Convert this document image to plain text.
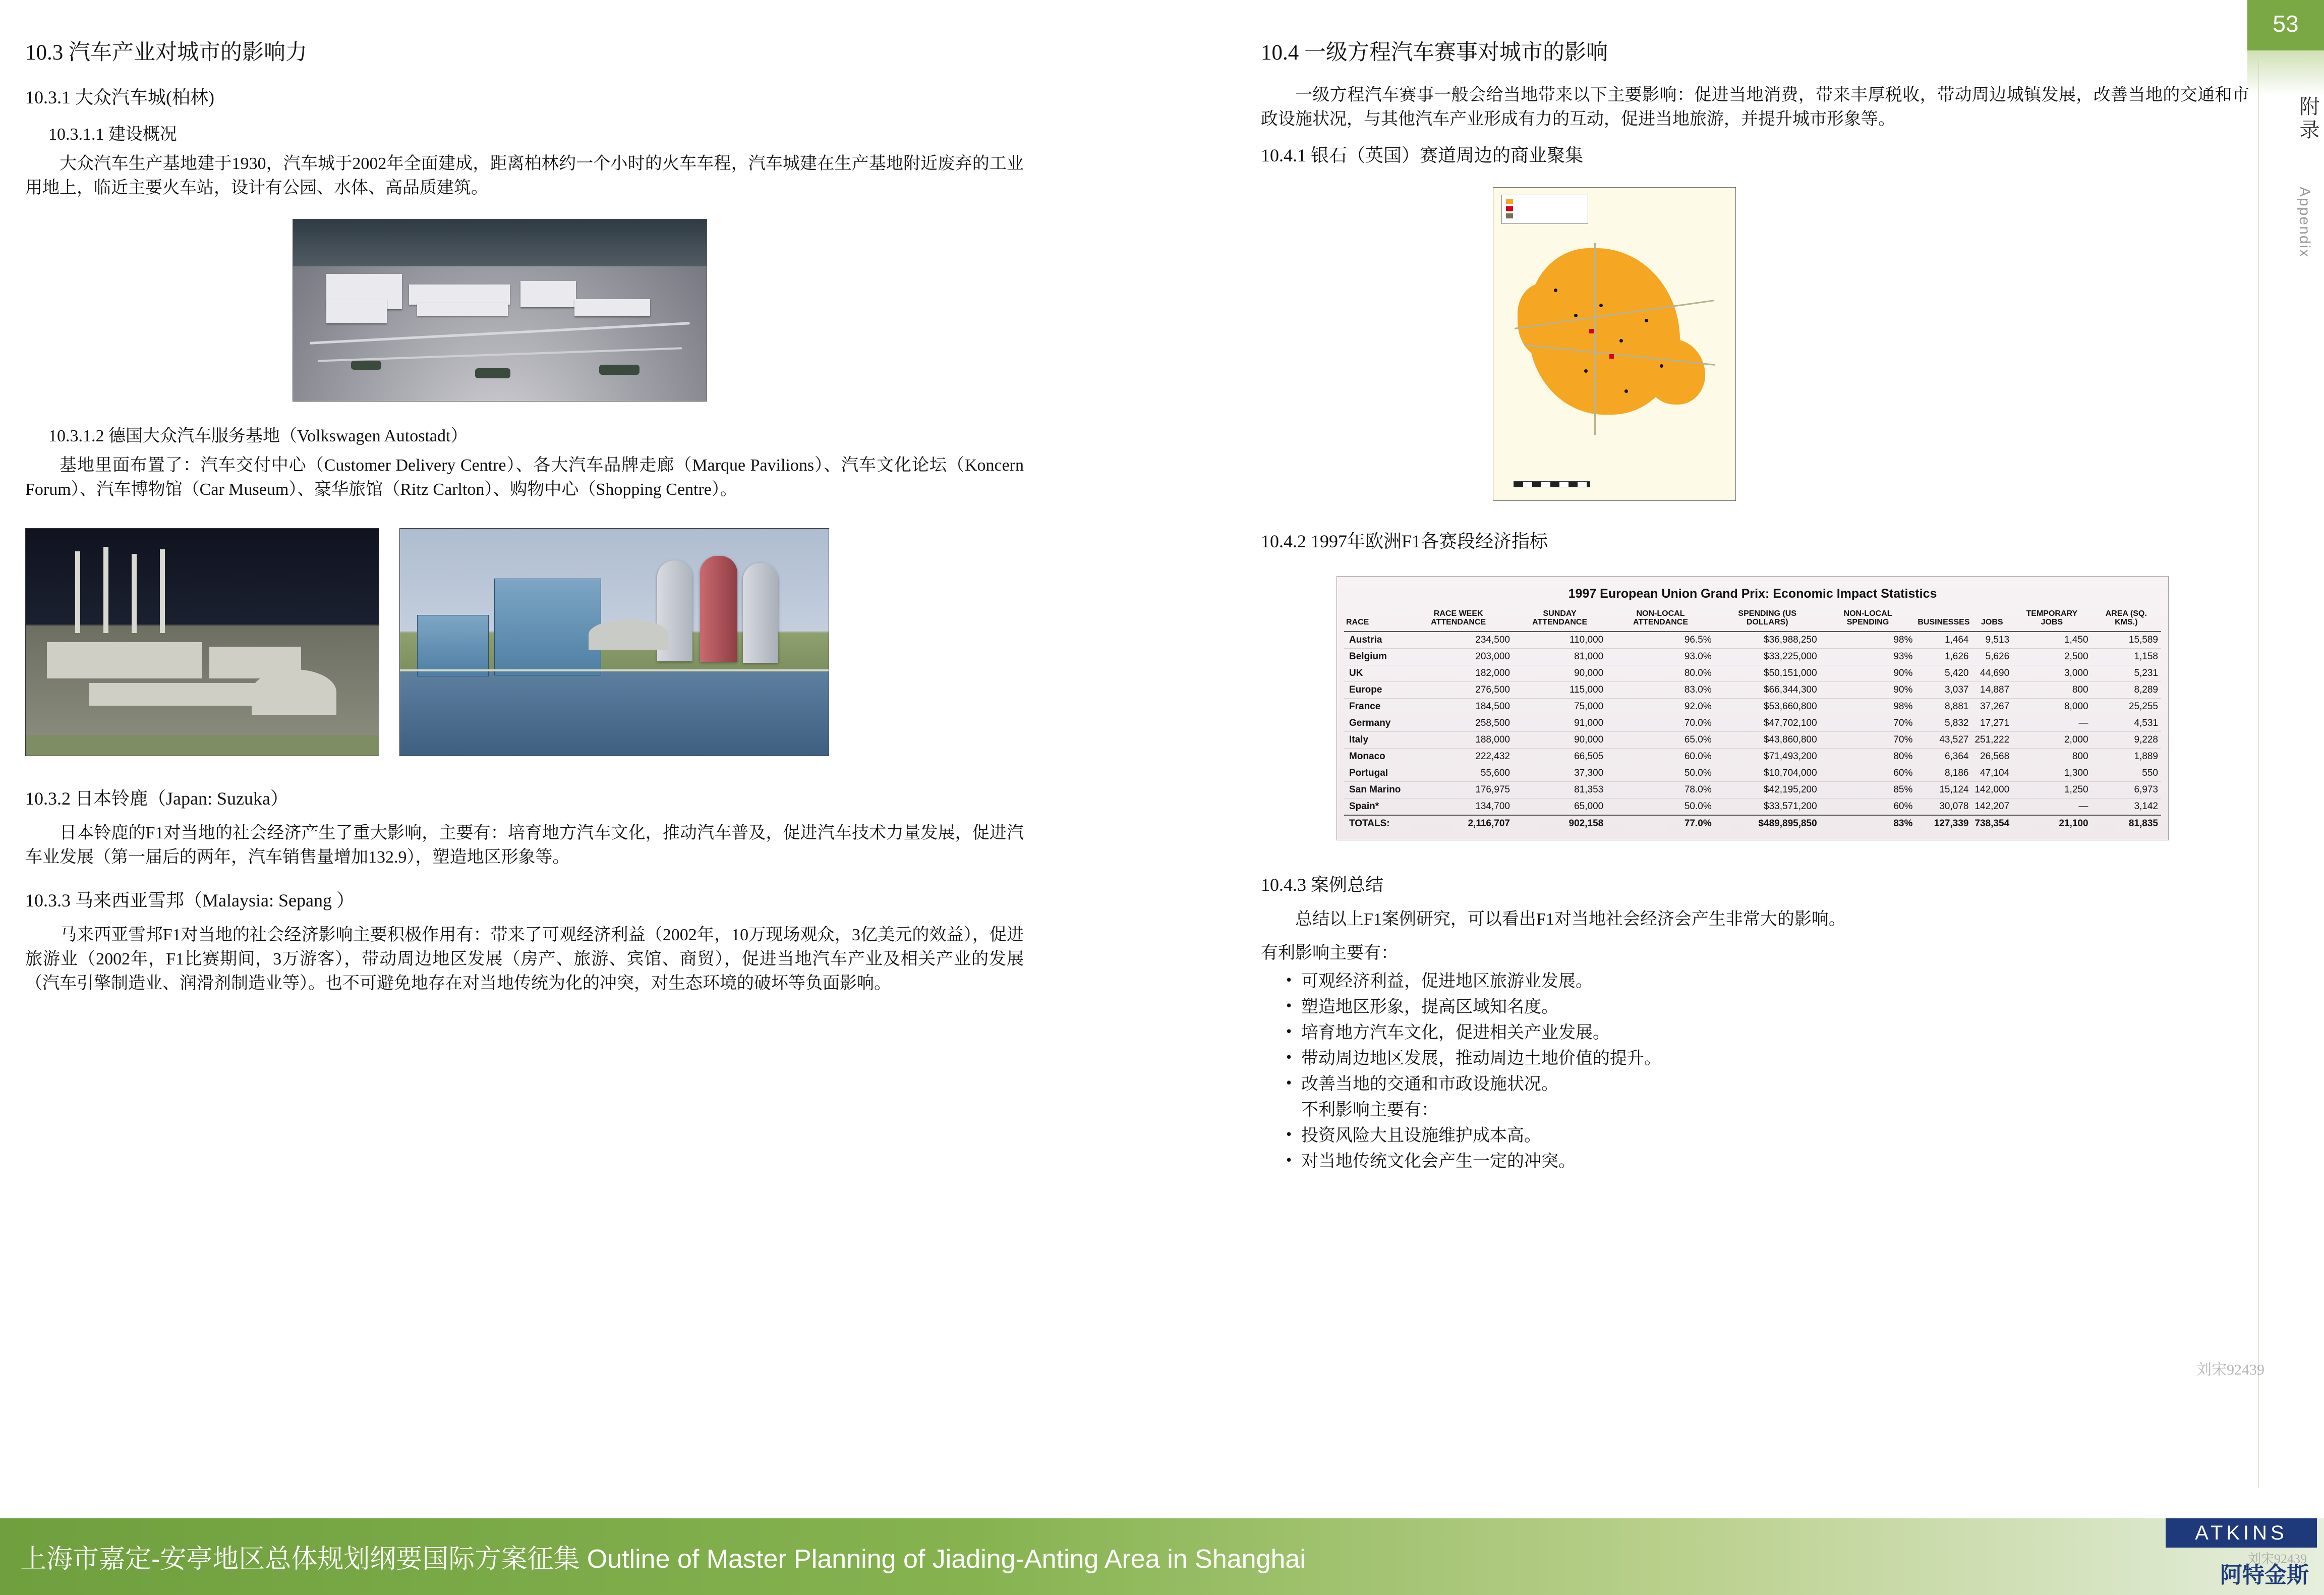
53
附录
Appendix
10.3 汽车产业对城市的影响力
10.3.1 大众汽车城(柏林)
10.3.1.1 建设概况

大众汽车生产基地建于1930，汽车城于2002年全面建成，距离柏林约一个小时的火车车程，汽车城建在生产基地附近废弃的工业用地上，临近主要火车站，设计有公园、水体、高品质建筑。

10.3.1.2 德国大众汽车服务基地（Volkswagen Autostadt）

基地里面布置了：汽车交付中心（Customer Delivery Centre）、各大汽车品牌走廊（Marque Pavilions）、汽车文化论坛（Koncern Forum）、汽车博物馆（Car Museum）、豪华旅馆（Ritz Carlton）、购物中心（Shopping Centre）。

10.3.2 日本铃鹿（Japan: Suzuka）

日本铃鹿的F1对当地的社会经济产生了重大影响，主要有：培育地方汽车文化，推动汽车普及，促进汽车技术力量发展，促进汽车业发展（第一届后的两年，汽车销售量增加132.9），塑造地区形象等。

10.3.3 马来西亚雪邦（Malaysia: Sepang ）

马来西亚雪邦F1对当地的社会经济影响主要积极作用有：带来了可观经济利益（2002年，10万现场观众，3亿美元的效益），促进旅游业（2002年，F1比赛期间，3万游客），带动周边地区发展（房产、旅游、宾馆、商贸），促进当地汽车产业及相关产业的发展（汽车引擎制造业、润滑剂制造业等）。也不可避免地存在对当地传统为化的冲突，对生态环境的破坏等负面影响。

10.4 一级方程汽车赛事对城市的影响

一级方程汽车赛事一般会给当地带来以下主要影响：促进当地消费，带来丰厚税收，带动周边城镇发展，改善当地的交通和市政设施状况，与其他汽车产业形成有力的互动，促进当地旅游，并提升城市形象等。

10.4.1 银石（英国）赛道周边的商业聚集
10.4.2 1997年欧洲F1各赛段经济指标
1997 European Union Grand Prix: Economic Impact Statistics
RACE	RACE WEEK ATTENDANCE	SUNDAY ATTENDANCE	NON-LOCAL ATTENDANCE	SPENDING (US DOLLARS)	NON-LOCAL SPENDING	BUSINESSES	JOBS	TEMPORARY JOBS	AREA (SQ. KMS.)
Austria	234,500	110,000	96.5%	$36,988,250	98%	1,464	9,513	1,450	15,589
Belgium	203,000	81,000	93.0%	$33,225,000	93%	1,626	5,626	2,500	1,158
UK	182,000	90,000	80.0%	$50,151,000	90%	5,420	44,690	3,000	5,231
Europe	276,500	115,000	83.0%	$66,344,300	90%	3,037	14,887	800	8,289
France	184,500	75,000	92.0%	$53,660,800	98%	8,881	37,267	8,000	25,255
Germany	258,500	91,000	70.0%	$47,702,100	70%	5,832	17,271	—	4,531
Italy	188,000	90,000	65.0%	$43,860,800	70%	43,527	251,222	2,000	9,228
Monaco	222,432	66,505	60.0%	$71,493,200	80%	6,364	26,568	800	1,889
Portugal	55,600	37,300	50.0%	$10,704,000	60%	8,186	47,104	1,300	550
San Marino	176,975	81,353	78.0%	$42,195,200	85%	15,124	142,000	1,250	6,973
Spain*	134,700	65,000	50.0%	$33,571,200	60%	30,078	142,207	—	3,142
TOTALS:	2,116,707	902,158	77.0%	$489,895,850	83%	127,339	738,354	21,100	81,835
10.4.3 案例总结

总结以上F1案例研究，可以看出F1对当地社会经济会产生非常大的影响。

有利影响主要有：

• 可观经济利益，促进地区旅游业发展。
• 塑造地区形象，提高区域知名度。
• 培育地方汽车文化，促进相关产业发展。
• 带动周边地区发展，推动周边土地价值的提升。
• 改善当地的交通和市政设施状况。
不利影响主要有：
• 投资风险大且设施维护成本高。
• 对当地传统文化会产生一定的冲突。
刘宋92439
上海市嘉定-安亭地区总体规划纲要国际方案征集 Outline of Master Planning of Jiading-Anting Area in Shanghai
ATKINS
阿特金斯
刘宋92439
